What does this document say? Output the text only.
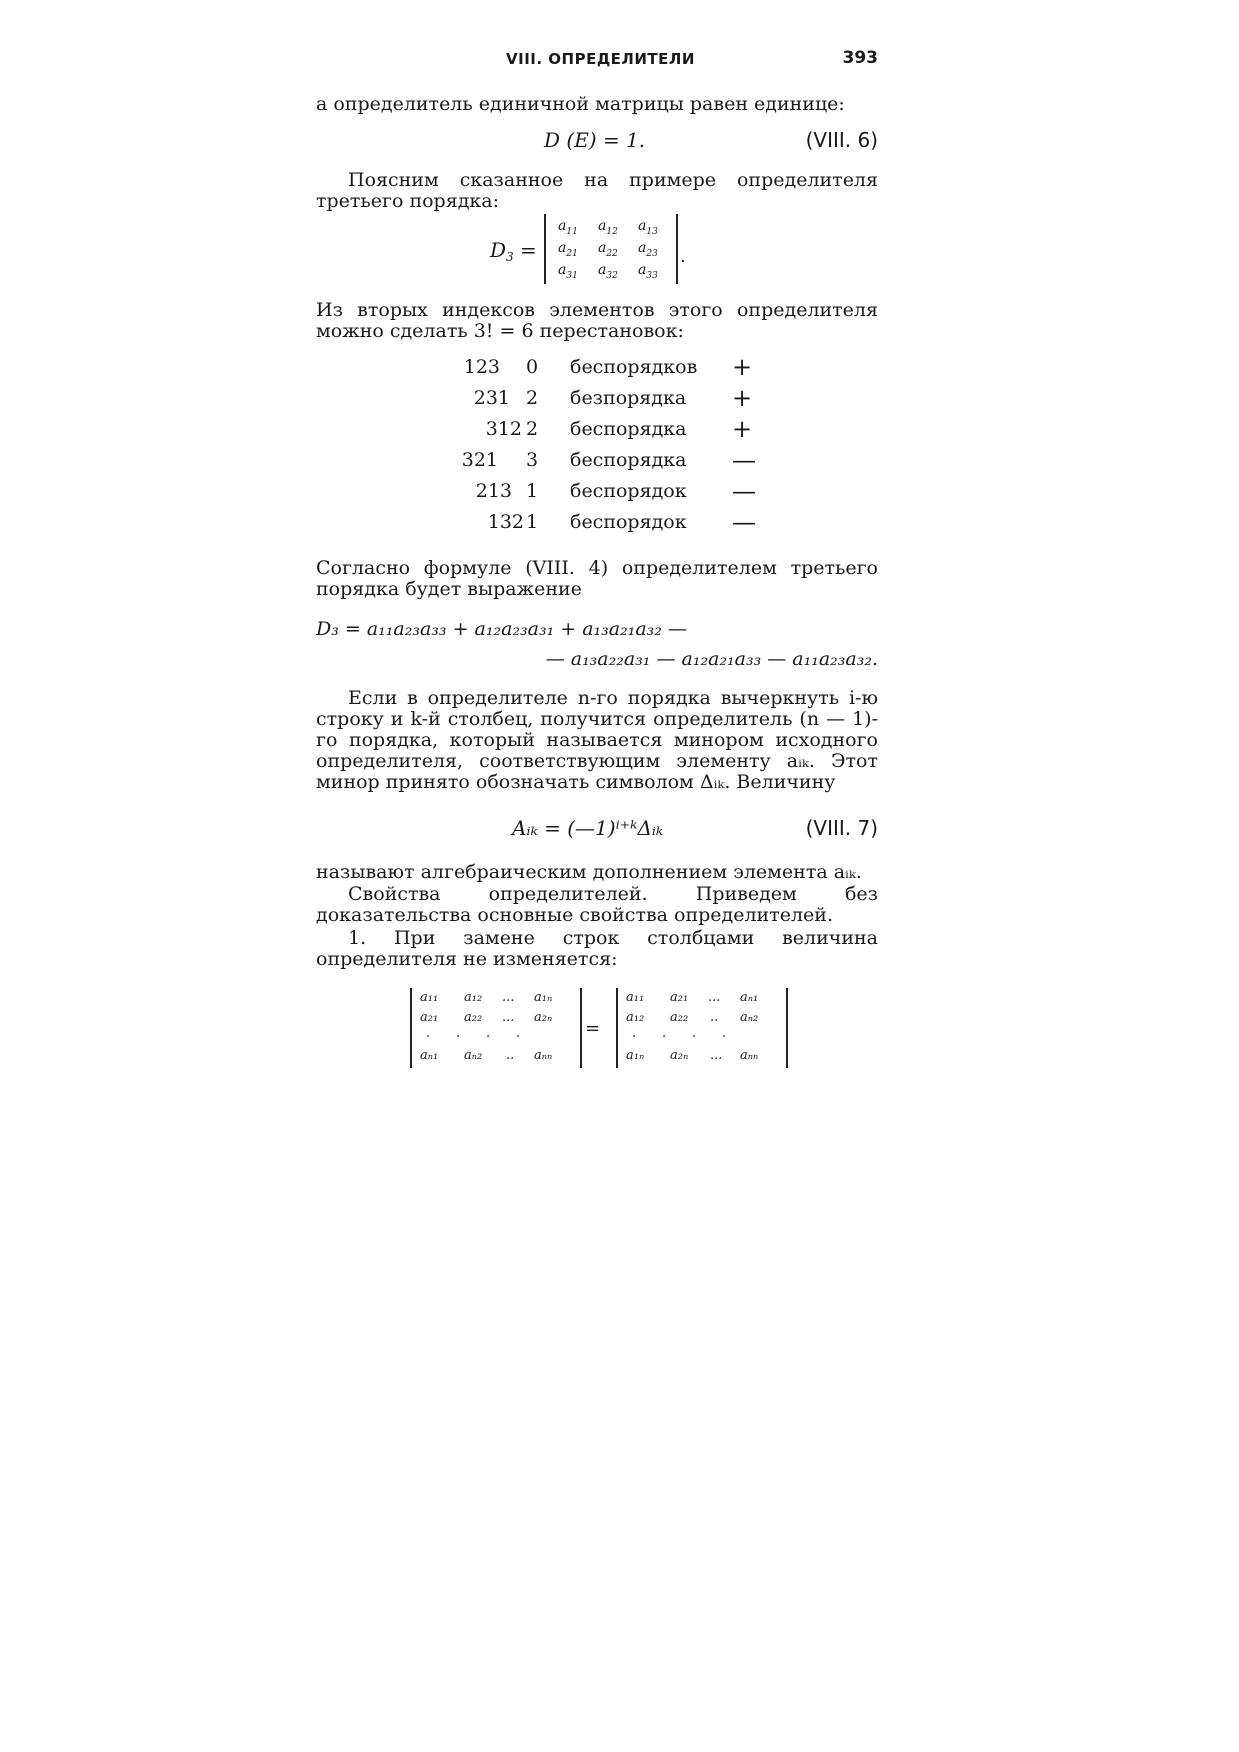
VIII. ОПРЕДЕЛИТЕЛИ	393
а определитель единичной матрицы равен единице:
D (E) = 1.	(VIII. 6)
Поясним сказанное на примере определителя третьего порядка:
$D_3$ =
$a_{11}$ $a_{12}$ $a_{13}$
$a_{21}$ $a_{22}$ $a_{23}$
$a_{31}$ $a_{32}$ $a_{33}$
.
Из вторых индексов элементов этого определителя можно сделать 3! = 6 перестановок:
123 0 беспорядков +
231 2 безпорядка +
312 2 беспорядка +
321 3 беспорядка —
213 1 беспорядок —
132 1 беспорядок —
Согласно формуле (VIII. 4) определителем третьего порядка будет выражение
D₃ = a₁₁a₂₃a₃₃ + a₁₂a₂₃a₃₁ + a₁₃a₂₁a₃₂ —
— a₁₃a₂₂a₃₁ — a₁₂a₂₁a₃₃ — a₁₁a₂₃a₃₂.
Если в определителе n-го порядка вычеркнуть i-ю строку и k-й столбец, получится определитель (n — 1)-го порядка, который называется минором исходного определителя, соответствующим элементу aᵢₖ. Этот минор принято обозначать символом Δᵢₖ. Величину
Aᵢₖ = (—1)ⁱ⁺ᵏΔᵢₖ	(VIII. 7)
называют алгебраическим дополнением элемента aᵢₖ.
Свойства определителей. Приведем без доказательства основные свойства определителей.
1. При замене строк столбцами величина определителя не изменяется:
a₁₁ a₁₂ ... a₁ₙ
a₂₁ a₂₂ ... a₂ₙ
. . . .
aₙ₁ aₙ₂ .. aₙₙ
=
a₁₁ a₂₁ ... aₙ₁
a₁₂ a₂₂ .. aₙ₂
. . . .
a₁ₙ a₂ₙ ... aₙₙ
